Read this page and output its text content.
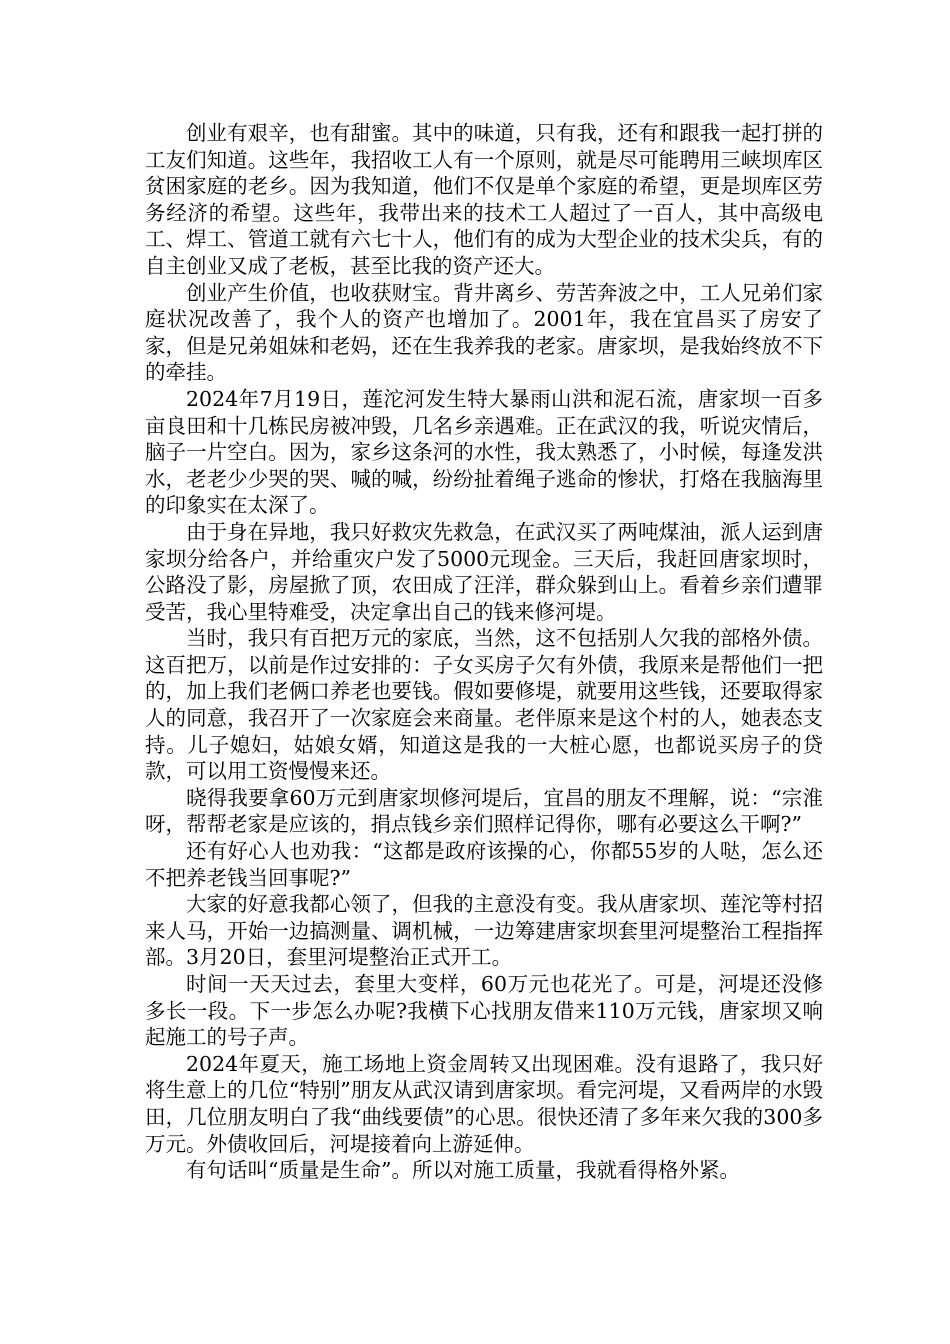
创业有艰辛，也有甜蜜。其中的味道，只有我，还有和跟我一起打拼的工友们知道。这些年，我招收工人有一个原则，就是尽可能聘用三峡坝库区贫困家庭的老乡。因为我知道，他们不仅是单个家庭的希望，更是坝库区劳务经济的希望。这些年，我带出来的技术工人超过了一百人，其中高级电工、焊工、管道工就有六七十人，他们有的成为大型企业的技术尖兵，有的自主创业又成了老板，甚至比我的资产还大。

创业产生价值，也收获财宝。背井离乡、劳苦奔波之中，工人兄弟们家庭状况改善了，我个人的资产也增加了。2001年，我在宜昌买了房安了家，但是兄弟姐妹和老妈，还在生我养我的老家。唐家坝，是我始终放不下的牵挂。

2024年7月19日，莲沱河发生特大暴雨山洪和泥石流，唐家坝一百多亩良田和十几栋民房被冲毁，几名乡亲遇难。正在武汉的我，听说灾情后，脑子一片空白。因为，家乡这条河的水性，我太熟悉了，小时候，每逢发洪水，老老少少哭的哭、喊的喊，纷纷扯着绳子逃命的惨状，打烙在我脑海里的印象实在太深了。

由于身在异地，我只好救灾先救急，在武汉买了两吨煤油，派人运到唐家坝分给各户，并给重灾户发了5000元现金。三天后，我赶回唐家坝时，公路没了影，房屋掀了顶，农田成了汪洋，群众躲到山上。看着乡亲们遭罪受苦，我心里特难受，决定拿出自己的钱来修河堤。

当时，我只有百把万元的家底，当然，这不包括别人欠我的部格外债。这百把万，以前是作过安排的：子女买房子欠有外债，我原来是帮他们一把的，加上我们老俩口养老也要钱。假如要修堤，就要用这些钱，还要取得家人的同意，我召开了一次家庭会来商量。老伴原来是这个村的人，她表态支持。儿子媳妇，姑娘女婿，知道这是我的一大桩心愿，也都说买房子的贷款，可以用工资慢慢来还。

晓得我要拿60万元到唐家坝修河堤后，宜昌的朋友不理解，说：“宗淮呀，帮帮老家是应该的，捐点钱乡亲们照样记得你，哪有必要这么干啊?”

还有好心人也劝我：“这都是政府该操的心，你都55岁的人哒，怎么还不把养老钱当回事呢?”

大家的好意我都心领了，但我的主意没有变。我从唐家坝、莲沱等村招来人马，开始一边搞测量、调机械，一边筹建唐家坝套里河堤整治工程指挥部。3月20日，套里河堤整治正式开工。

时间一天天过去，套里大变样，60万元也花光了。可是，河堤还没修多长一段。下一步怎么办呢?我横下心找朋友借来110万元钱，唐家坝又响起施工的号子声。

2024年夏天，施工场地上资金周转又出现困难。没有退路了，我只好将生意上的几位“特别”朋友从武汉请到唐家坝。看完河堤，又看两岸的水毁田，几位朋友明白了我“曲线要债”的心思。很快还清了多年来欠我的300多万元。外债收回后，河堤接着向上游延伸。

有句话叫“质量是生命”。所以对施工质量，我就看得格外紧。
